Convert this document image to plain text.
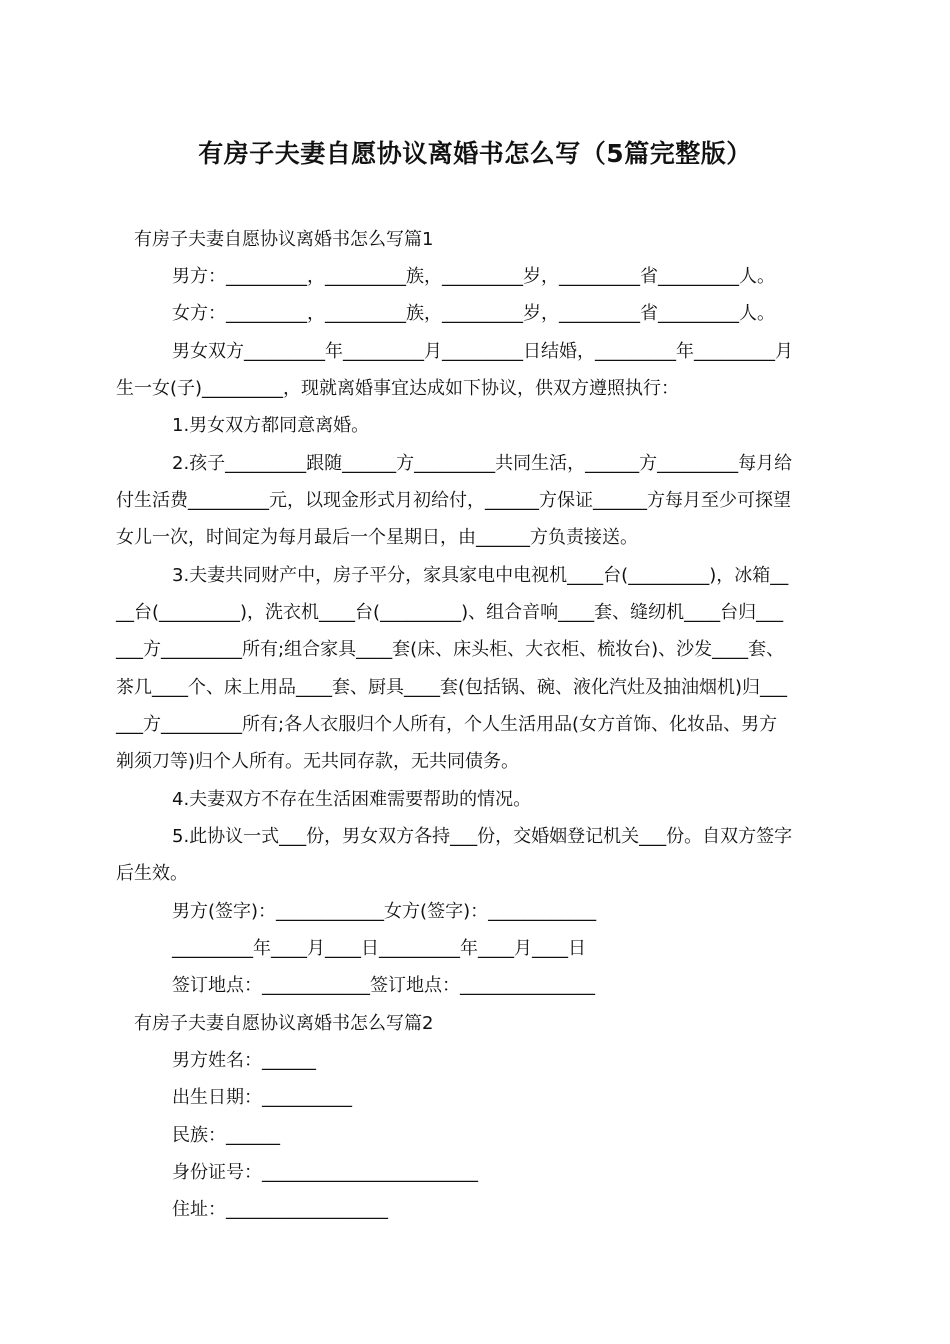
有房子夫妻自愿协议离婚书怎么写（5篇完整版）
有房子夫妻自愿协议离婚书怎么写篇1
男方：_________，_________族，_________岁，_________省_________人。
女方：_________，_________族，_________岁，_________省_________人。
男女双方_________年_________月_________日结婚，_________年_________月
生一女(子)_________，现就离婚事宜达成如下协议，供双方遵照执行：
1.男女双方都同意离婚。
2.孩子_________跟随______方_________共同生活，______方_________每月给
付生活费_________元，以现金形式月初给付，______方保证______方每月至少可探望
女儿一次，时间定为每月最后一个星期日，由______方负责接送。
3.夫妻共同财产中，房子平分，家具家电中电视机____台(_________)，冰箱__
__台(_________)，洗衣机____台(_________)、组合音响____套、缝纫机____台归___
___方_________所有;组合家具____套(床、床头柜、大衣柜、梳妆台)、沙发____套、
茶几____个、床上用品____套、厨具____套(包括锅、碗、液化汽灶及抽油烟机)归___
___方_________所有;各人衣服归个人所有，个人生活用品(女方首饰、化妆品、男方
剃须刀等)归个人所有。无共同存款，无共同债务。
4.夫妻双方不存在生活困难需要帮助的情况。
5.此协议一式___份，男女双方各持___份，交婚姻登记机关___份。自双方签字
后生效。
男方(签字)：____________女方(签字)：____________
_________年____月____日_________年____月____日
签订地点：____________签订地点：_______________
有房子夫妻自愿协议离婚书怎么写篇2
男方姓名：______
出生日期：__________
民族：______
身份证号：________________________
住址：__________________
